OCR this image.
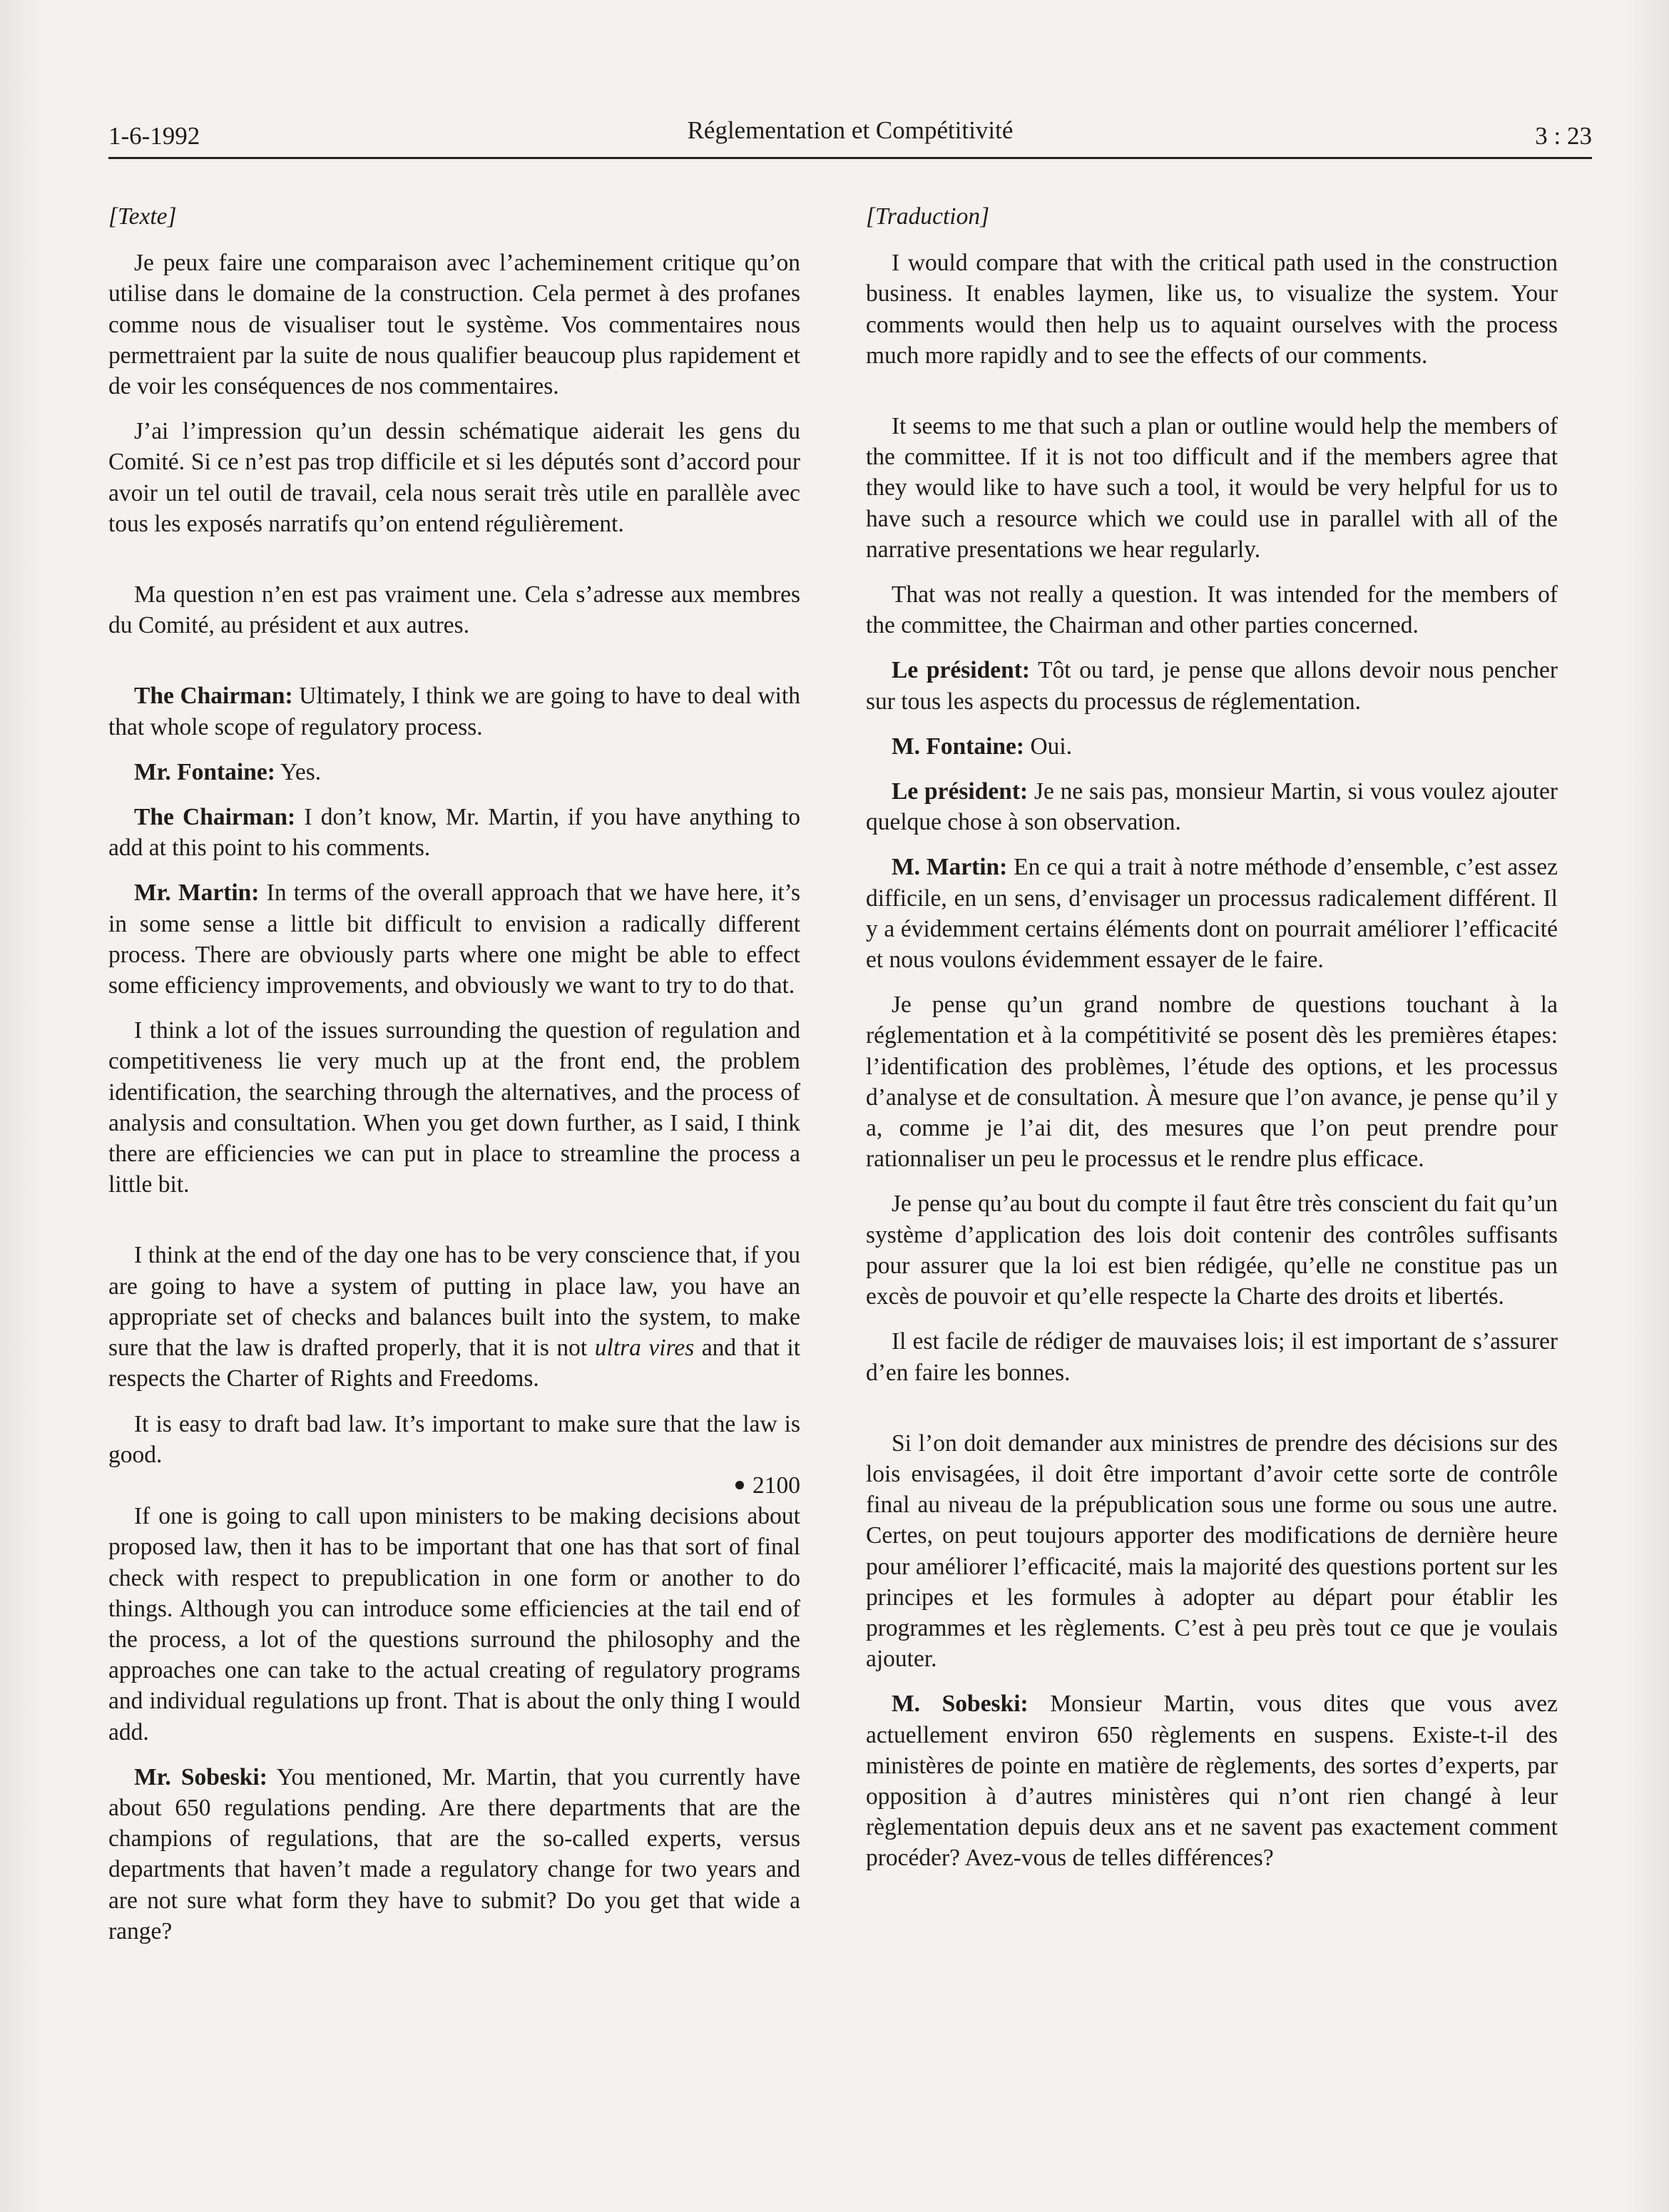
1-6-1992	Réglementation et Compétitivité	3 : 23

[Texte]

Je peux faire une comparaison avec l’acheminement critique qu’on utilise dans le domaine de la construction. Cela permet à des profanes comme nous de visualiser tout le système. Vos commentaires nous permettraient par la suite de nous qualifier beaucoup plus rapidement et de voir les conséquences de nos commentaires.

J’ai l’impression qu’un dessin schématique aiderait les gens du Comité. Si ce n’est pas trop difficile et si les députés sont d’accord pour avoir un tel outil de travail, cela nous serait très utile en parallèle avec tous les exposés narratifs qu’on entend régulièrement.

Ma question n’en est pas vraiment une. Cela s’adresse aux membres du Comité, au président et aux autres.

The Chairman: Ultimately, I think we are going to have to deal with that whole scope of regulatory process.

Mr. Fontaine: Yes.

The Chairman: I don’t know, Mr. Martin, if you have anything to add at this point to his comments.

Mr. Martin: In terms of the overall approach that we have here, it’s in some sense a little bit difficult to envision a radically different process. There are obviously parts where one might be able to effect some efficiency improvements, and obviously we want to try to do that.

I think a lot of the issues surrounding the question of regulation and competitiveness lie very much up at the front end, the problem identification, the searching through the alternatives, and the process of analysis and consultation. When you get down further, as I said, I think there are efficiencies we can put in place to streamline the process a little bit.

I think at the end of the day one has to be very conscience that, if you are going to have a system of putting in place law, you have an appropriate set of checks and balances built into the system, to make sure that the law is drafted properly, that it is not ultra vires and that it respects the Charter of Rights and Freedoms.

It is easy to draft bad law. It’s important to make sure that the law is good.

2100

If one is going to call upon ministers to be making decisions about proposed law, then it has to be important that one has that sort of final check with respect to prepublication in one form or another to do things. Although you can introduce some efficiencies at the tail end of the process, a lot of the questions surround the philosophy and the approaches one can take to the actual creating of regulatory programs and individual regulations up front. That is about the only thing I would add.

Mr. Sobeski: You mentioned, Mr. Martin, that you currently have about 650 regulations pending. Are there departments that are the champions of regulations, that are the so-called experts, versus departments that haven’t made a regulatory change for two years and are not sure what form they have to submit? Do you get that wide a range?

[Traduction]

I would compare that with the critical path used in the construction business. It enables laymen, like us, to visualize the system. Your comments would then help us to aquaint ourselves with the process much more rapidly and to see the effects of our comments.

It seems to me that such a plan or outline would help the members of the committee. If it is not too difficult and if the members agree that they would like to have such a tool, it would be very helpful for us to have such a resource which we could use in parallel with all of the narrative presentations we hear regularly.

That was not really a question. It was intended for the members of the committee, the Chairman and other parties concerned.

Le président: Tôt ou tard, je pense que allons devoir nous pencher sur tous les aspects du processus de réglementation.

M. Fontaine: Oui.

Le président: Je ne sais pas, monsieur Martin, si vous voulez ajouter quelque chose à son observation.

M. Martin: En ce qui a trait à notre méthode d’ensemble, c’est assez difficile, en un sens, d’envisager un processus radicalement différent. Il y a évidemment certains éléments dont on pourrait améliorer l’efficacité et nous voulons évidemment essayer de le faire.

Je pense qu’un grand nombre de questions touchant à la réglementation et à la compétitivité se posent dès les premières étapes: l’identification des problèmes, l’étude des options, et les processus d’analyse et de consultation. À mesure que l’on avance, je pense qu’il y a, comme je l’ai dit, des mesures que l’on peut prendre pour rationnaliser un peu le processus et le rendre plus efficace.

Je pense qu’au bout du compte il faut être très conscient du fait qu’un système d’application des lois doit contenir des contrôles suffisants pour assurer que la loi est bien rédigée, qu’elle ne constitue pas un excès de pouvoir et qu’elle respecte la Charte des droits et libertés.

Il est facile de rédiger de mauvaises lois; il est important de s’assurer d’en faire les bonnes.

Si l’on doit demander aux ministres de prendre des décisions sur des lois envisagées, il doit être important d’avoir cette sorte de contrôle final au niveau de la prépublication sous une forme ou sous une autre. Certes, on peut toujours apporter des modifications de dernière heure pour améliorer l’efficacité, mais la majorité des questions portent sur les principes et les formules à adopter au départ pour établir les programmes et les règlements. C’est à peu près tout ce que je voulais ajouter.

M. Sobeski: Monsieur Martin, vous dites que vous avez actuellement environ 650 règlements en suspens. Existe-t-il des ministères de pointe en matière de règlements, des sortes d’experts, par opposition à d’autres ministères qui n’ont rien changé à leur règlementation depuis deux ans et ne savent pas exactement comment procéder? Avez-vous de telles différences?
